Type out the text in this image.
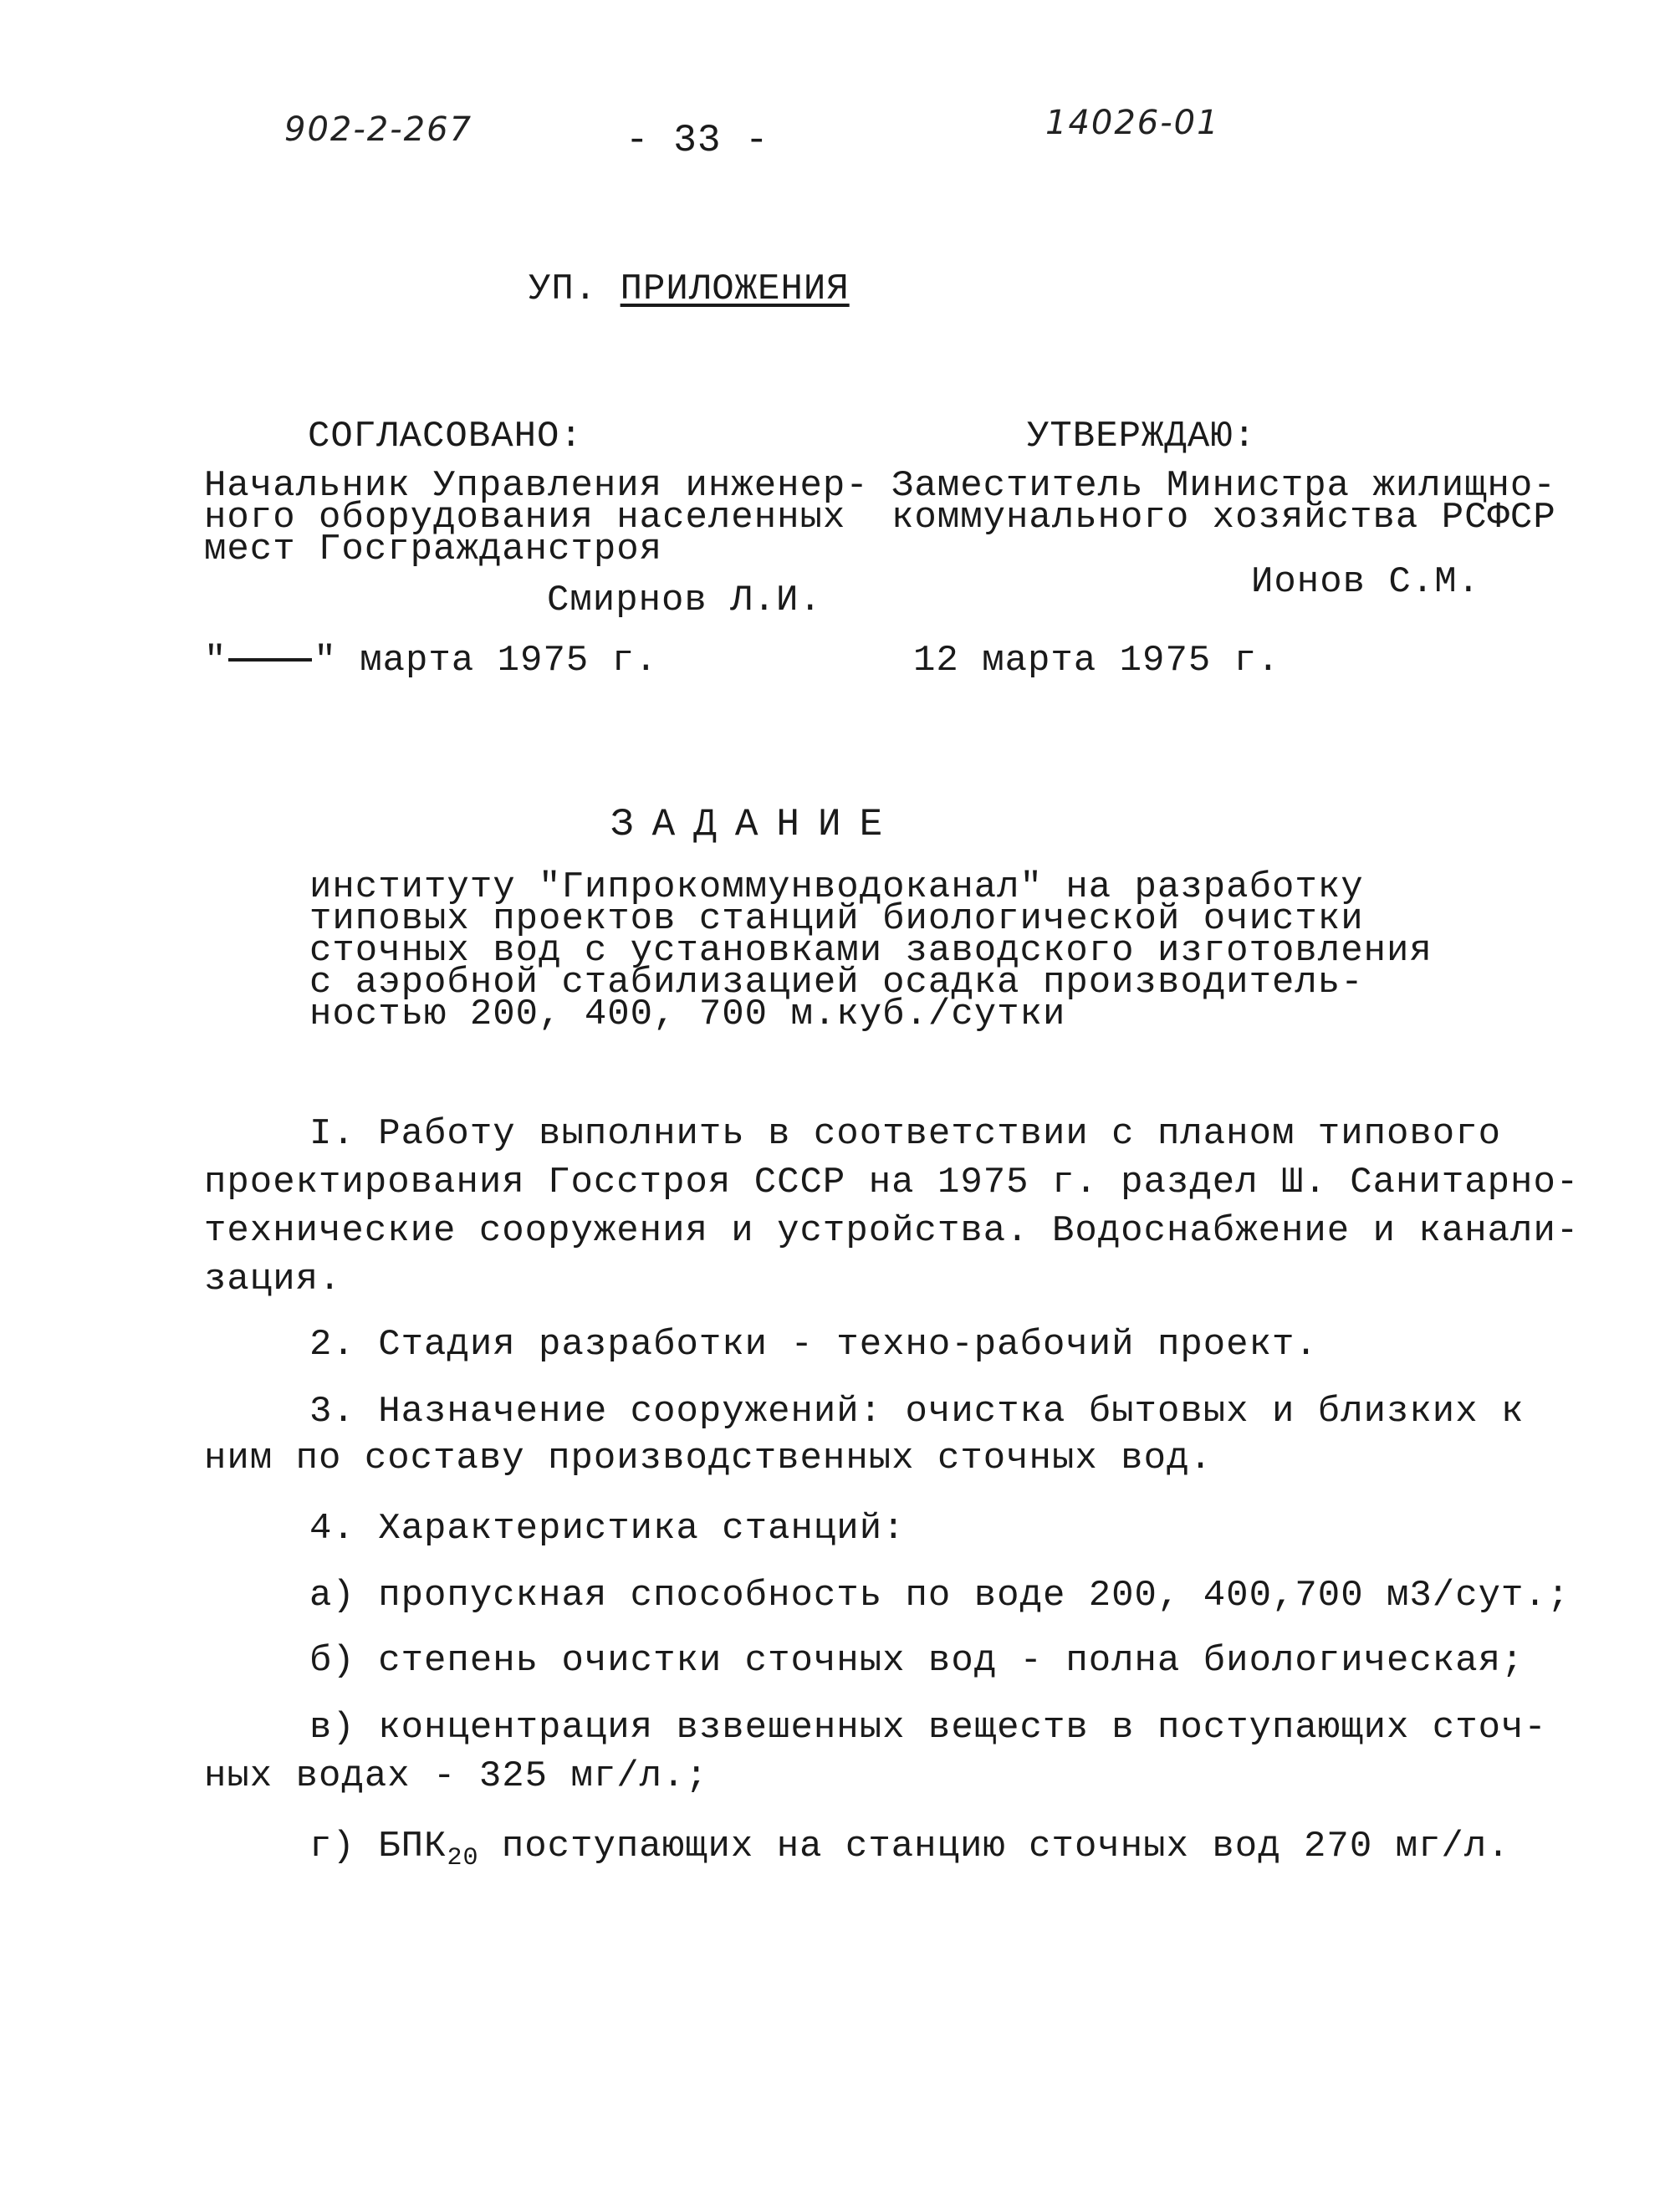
902-2-267	- 33 -	14026-01
УП. ПРИЛОЖЕНИЯ
СОГЛАСОВАНО:
Начальник Управления инженер-
ного оборудования населенных
мест Госгражданстроя
Смирнов Л.И.
" " марта 1975 г.
УТВЕРЖДАЮ:
Заместитель Министра жилищно-
коммунального хозяйства РСФСР
Ионов С.М.
12 марта 1975 г.
ЗАДАНИЕ
институту "Гипрокоммунводоканал" на разработку
типовых проектов станций биологической очистки
сточных вод с установками заводского изготовления
с аэробной стабилизацией осадка производитель-
ностью 200, 400, 700 м.куб./сутки
I. Работу выполнить в соответствии с планом типового
проектирования Госстроя СССР на 1975 г. раздел Ш. Санитарно-
технические сооружения и устройства. Водоснабжение и канали-
зация.
2. Стадия разработки - техно-рабочий проект.
3. Назначение сооружений: очистка бытовых и близких к
ним по составу производственных сточных вод.
4. Характеристика станций:
а) пропускная способность по воде 200, 400,700 м3/сут.;
б) степень очистки сточных вод - полна биологическая;
в) концентрация взвешенных веществ в поступающих сточ-
ных водах - 325 мг/л.;
г) $БПК_{20}$ поступающих на станцию сточных вод 270 мг/л.
